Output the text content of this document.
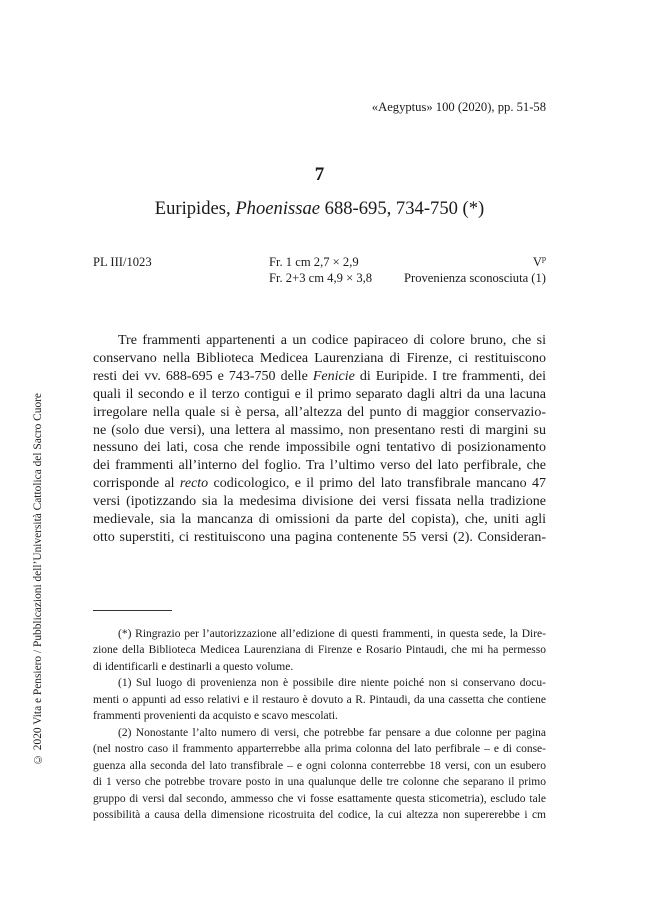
«Aegyptus» 100 (2020), pp. 51-58
7
Euripides, Phoenissae 688-695, 734-750 (*)
PL III/1023	Fr. 1 cm 2,7 × 2,9
Fr. 2+3 cm 4,9 × 3,8
$V^p$
Provenienza sconosciuta (1)
Tre frammenti appartenenti a un codice papiraceo di colore bruno, che si
conservano nella Biblioteca Medicea Laurenziana di Firenze, ci restituiscono
resti dei vv. 688-695 e 743-750 delle Fenicie di Euripide. I tre frammenti, dei
quali il secondo e il terzo contigui e il primo separato dagli altri da una lacuna
irregolare nella quale si è persa, all’altezza del punto di maggior conservazio-
ne (solo due versi), una lettera al massimo, non presentano resti di margini su
nessuno dei lati, cosa che rende impossibile ogni tentativo di posizionamento
dei frammenti all’interno del foglio. Tra l’ultimo verso del lato perfibrale, che
corrisponde al recto codicologico, e il primo del lato transfibrale mancano 47
versi (ipotizzando sia la medesima divisione dei versi fissata nella tradizione
medievale, sia la mancanza di omissioni da parte del copista), che, uniti agli
otto superstiti, ci restituiscono una pagina contenente 55 versi (2). Consideran-
(*) Ringrazio per l’autorizzazione all’edizione di questi frammenti, in questa sede, la Dire-
zione della Biblioteca Medicea Laurenziana di Firenze e Rosario Pintaudi, che mi ha permesso
di identificarli e destinarli a questo volume.
(1) Sul luogo di provenienza non è possibile dire niente poiché non si conservano docu-
menti o appunti ad esso relativi e il restauro è dovuto a R. Pintaudi, da una cassetta che contiene
frammenti provenienti da acquisto e scavo mescolati.
(2) Nonostante l’alto numero di versi, che potrebbe far pensare a due colonne per pagina
(nel nostro caso il frammento apparterrebbe alla prima colonna del lato perfibrale – e di conse-
guenza alla seconda del lato transfibrale – e ogni colonna conterrebbe 18 versi, con un esubero
di 1 verso che potrebbe trovare posto in una qualunque delle tre colonne che separano il primo
gruppo di versi dal secondo, ammesso che vi fosse esattamente questa sticometria), escludo tale
possibilità a causa della dimensione ricostruita del codice, la cui altezza non supererebbe i cm
© 2020 Vita e Pensiero / Pubblicazioni dell’Università Cattolica del Sacro Cuore
